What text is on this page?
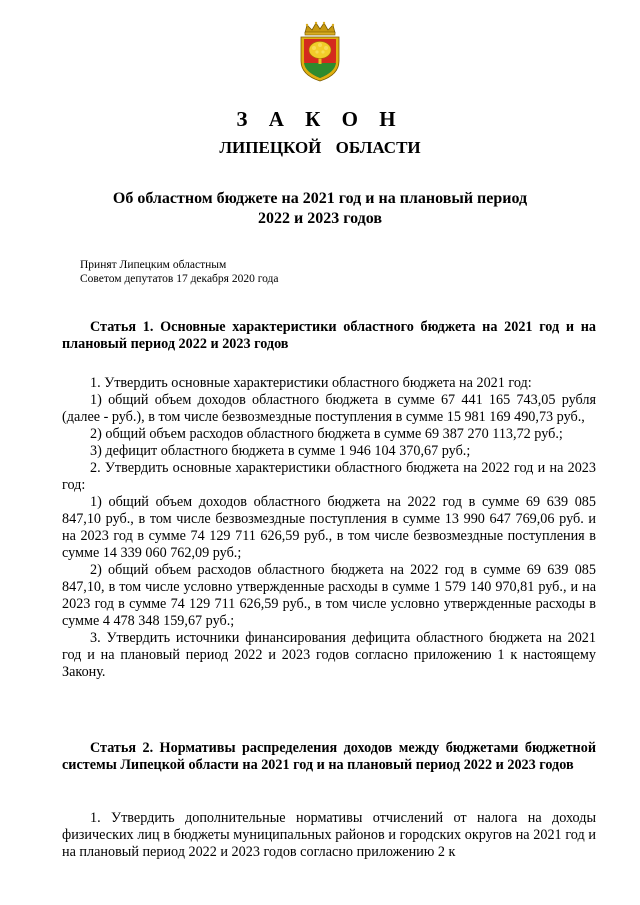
З А К О Н
ЛИПЕЦКОЙ ОБЛАСТИ
Об областном бюджете на 2021 год и на плановый период
2022 и 2023 годов
Принят Липецким областным
Советом депутатов 17 декабря 2020 года
Статья 1. Основные характеристики областного бюджета на 2021 год и на плановый период 2022 и 2023 годов

1. Утвердить основные характеристики областного бюджета на 2021 год:

1) общий объем доходов областного бюджета в сумме 67 441 165 743,05 рубля (далее - руб.), в том числе безвозмездные поступления в сумме 15 981 169 490,73 руб.,

2) общий объем расходов областного бюджета в сумме 69 387 270 113,72 руб.;

3) дефицит областного бюджета в сумме 1 946 104 370,67 руб.;

2. Утвердить основные характеристики областного бюджета на 2022 год и на 2023 год:

1) общий объем доходов областного бюджета на 2022 год в сумме 69 639 085 847,10 руб., в том числе безвозмездные поступления в сумме 13 990 647 769,06 руб. и на 2023 год в сумме 74 129 711 626,59 руб., в том числе безвозмездные поступления в сумме 14 339 060 762,09 руб.;

2) общий объем расходов областного бюджета на 2022 год в сумме 69 639 085 847,10, в том числе условно утвержденные расходы в сумме 1 579 140 970,81 руб., и на 2023 год в сумме 74 129 711 626,59 руб., в том числе условно утвержденные расходы в сумме 4 478 348 159,67 руб.;

3. Утвердить источники финансирования дефицита областного бюджета на 2021 год и на плановый период 2022 и 2023 годов согласно приложению 1 к настоящему Закону.

Статья 2. Нормативы распределения доходов между бюджетами бюджетной системы Липецкой области на 2021 год и на плановый период 2022 и 2023 годов

1. Утвердить дополнительные нормативы отчислений от налога на доходы физических лиц в бюджеты муниципальных районов и городских округов на 2021 год и на плановый период 2022 и 2023 годов согласно приложению 2 к
